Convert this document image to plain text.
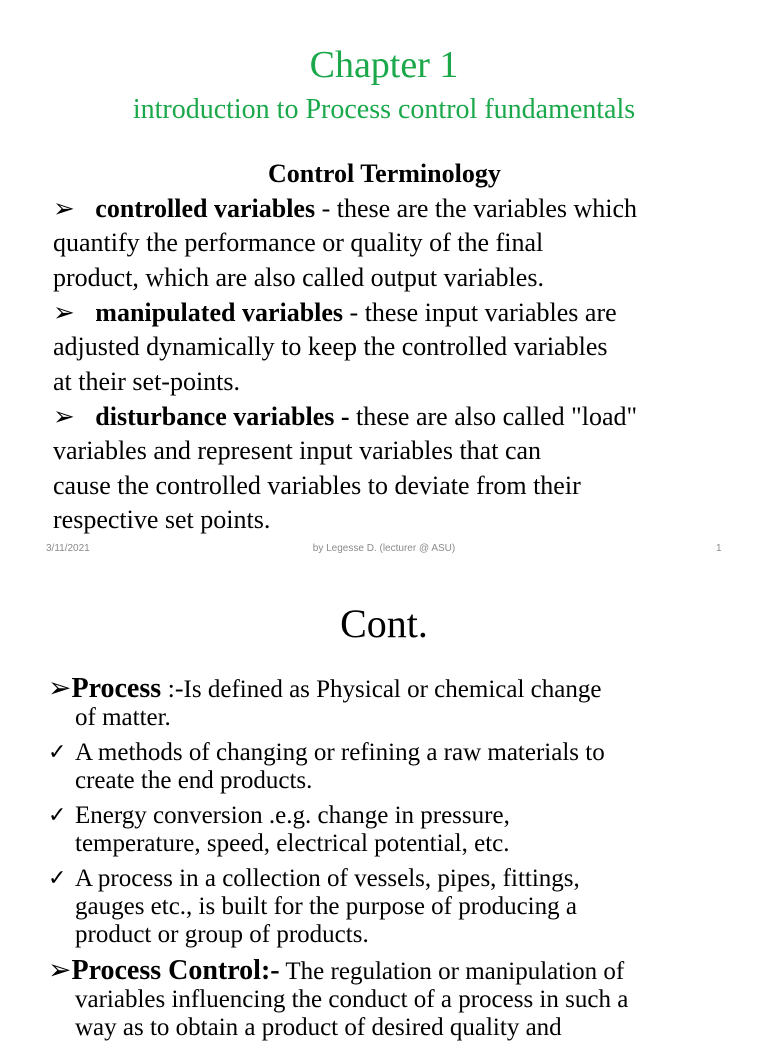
Chapter 1
introduction to Process control fundamentals
Control Terminology
➢ controlled variables - these are the variables which
quantify the performance or quality of the final
product, which are also called output variables.
➢ manipulated variables - these input variables are
adjusted dynamically to keep the controlled variables
at their set-points.
➢ disturbance variables - these are also called "load"
variables and represent input variables that can
cause the controlled variables to deviate from their
respective set points.
3/11/2021	by Legesse D. (lecturer @ ASU)	1
Cont.
➢Process :-Is defined as Physical or chemical change
of matter.
✓ A methods of changing or refining a raw materials to
create the end products.
✓ Energy conversion .e.g. change in pressure,
temperature, speed, electrical potential, etc.
✓ A process in a collection of vessels, pipes, fittings,
gauges etc., is built for the purpose of producing a
product or group of products.
➢Process Control:- The regulation or manipulation of
variables influencing the conduct of a process in such a
way as to obtain a product of desired quality and
